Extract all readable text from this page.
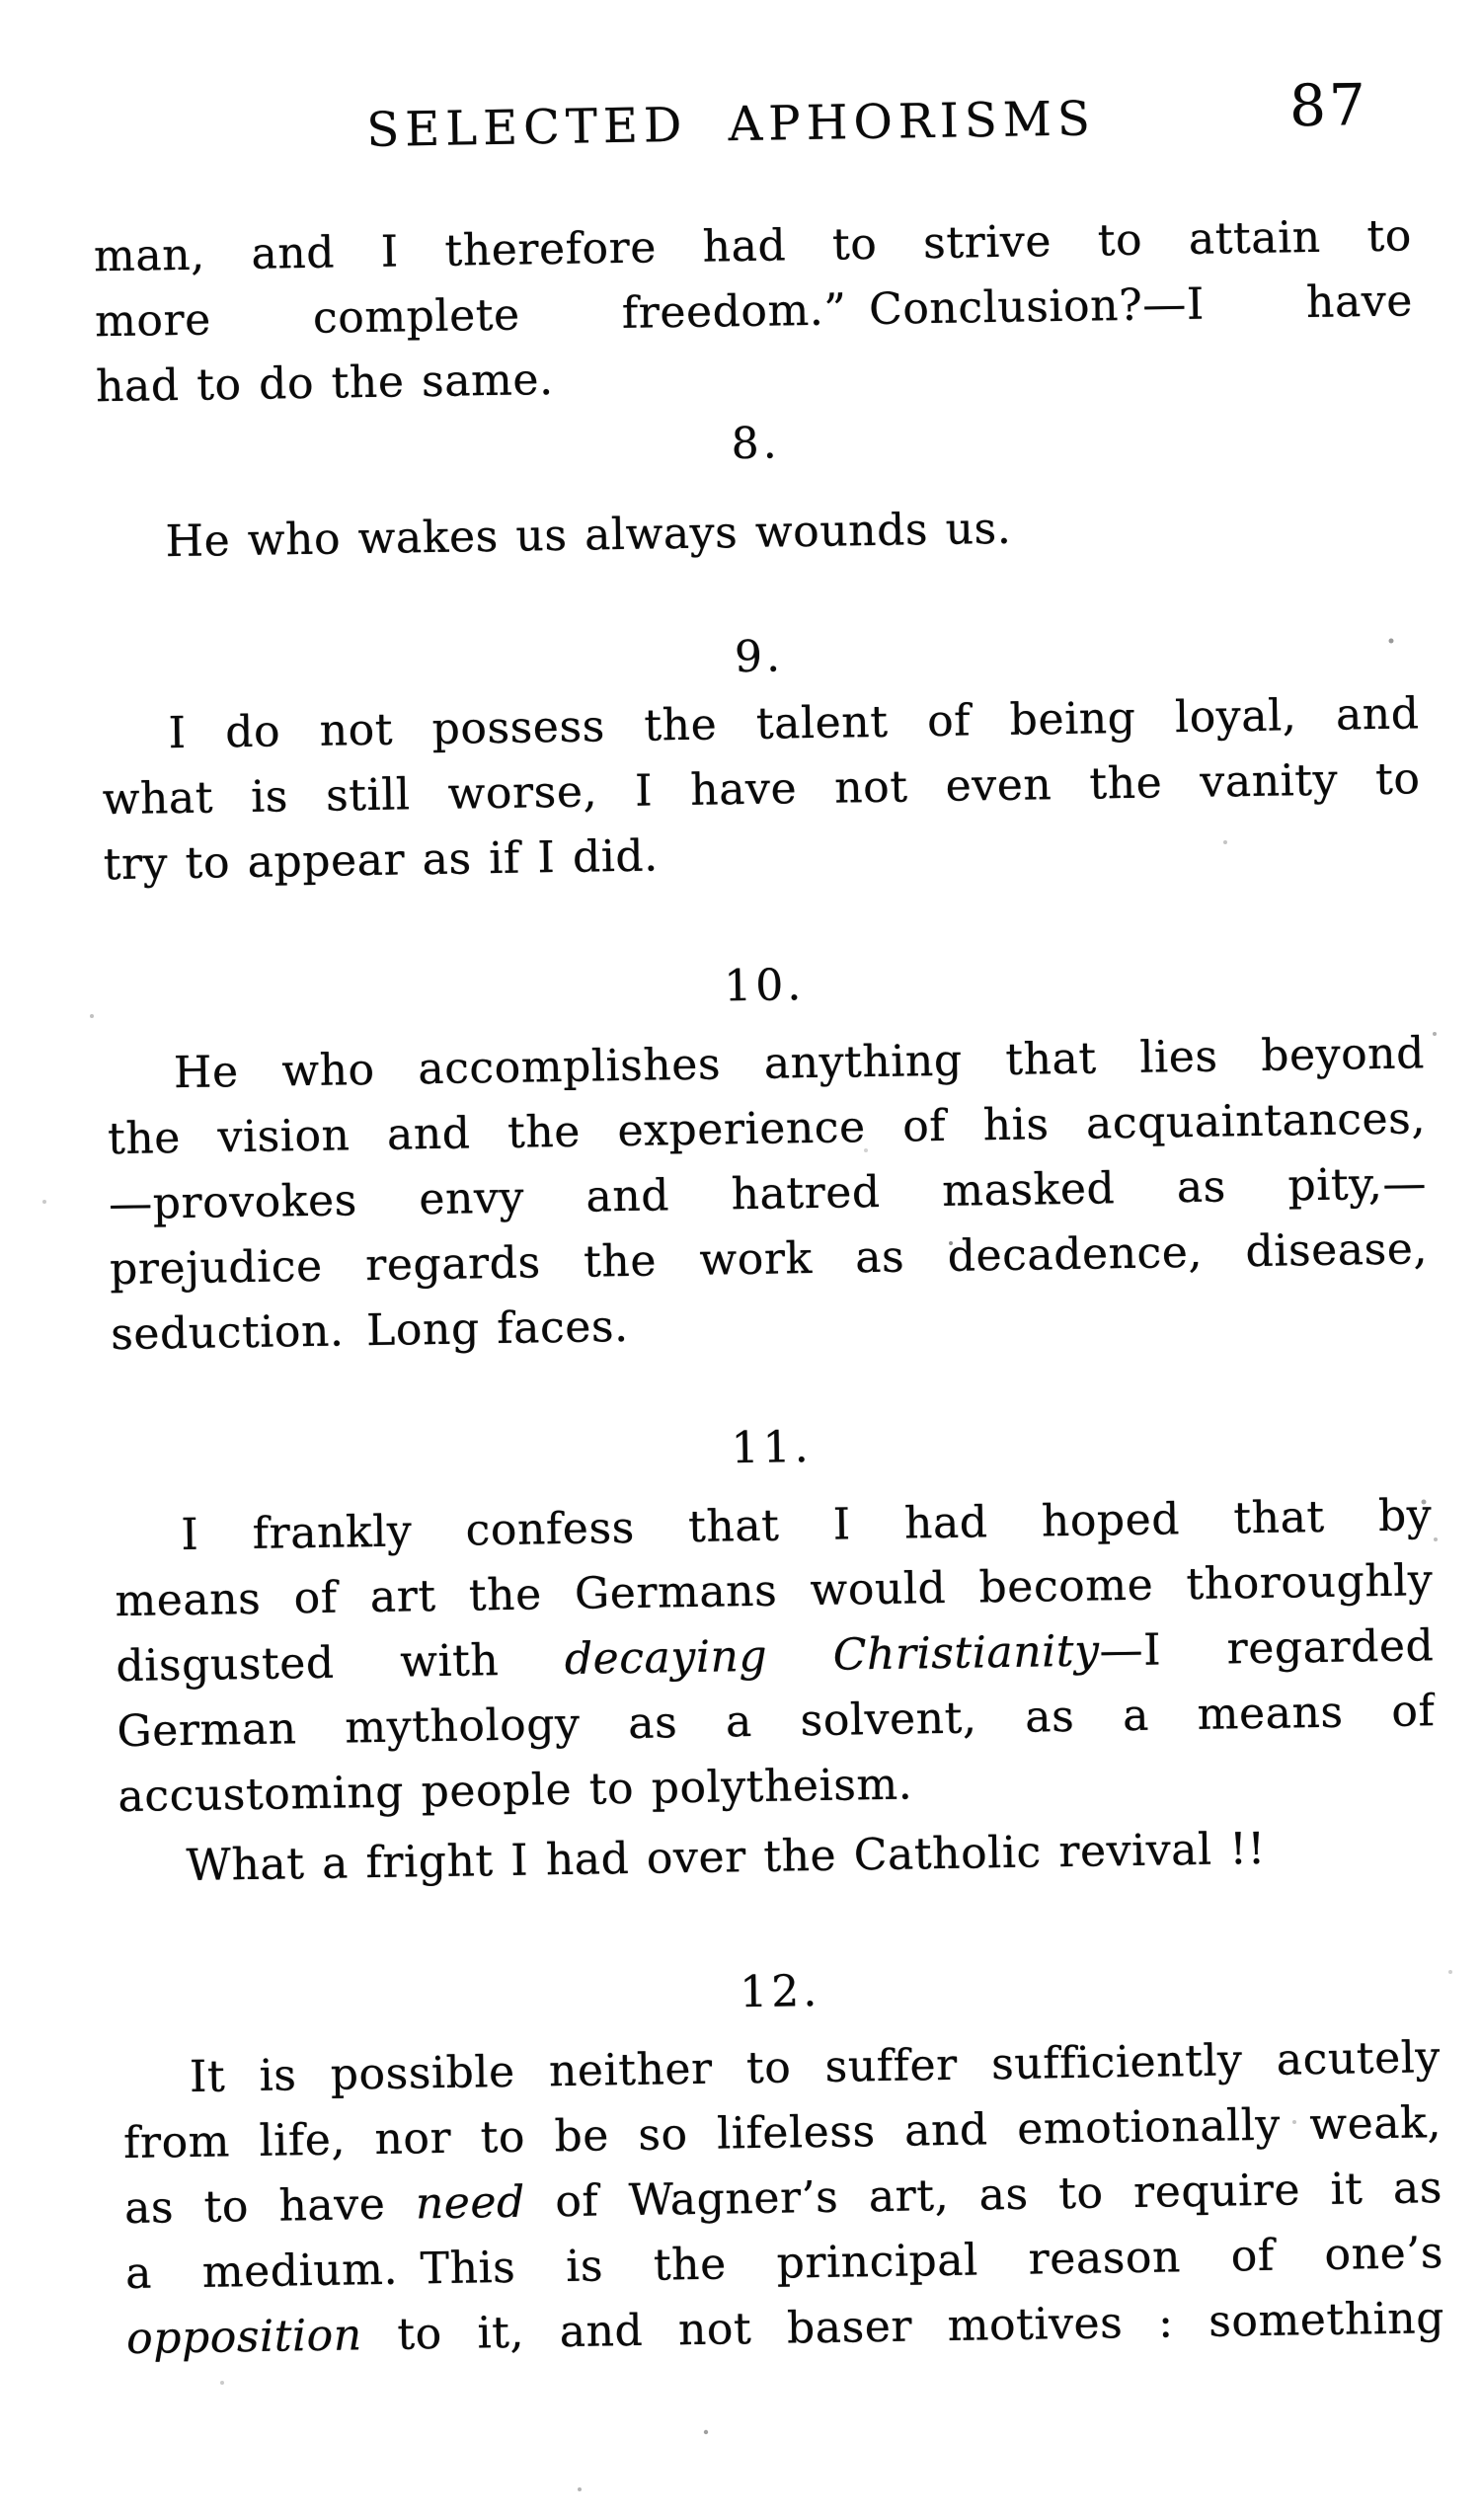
SELECTED APHORISMS	87
man, and I therefore had to strive to attain to
more complete freedom.” Conclusion?—I have
had to do the same.
8.
He who wakes us always wounds us.
9.
I do not possess the talent of being loyal, and
what is still worse, I have not even the vanity to
try to appear as if I did.
10.
He who accomplishes anything that lies beyond
the vision and the experience of his acquaintances,
—provokes envy and hatred masked as pity,—
prejudice regards the work as decadence, disease,
seduction. Long faces.
11.
I frankly confess that I had hoped that by
means of art the Germans would become thoroughly
disgusted with decaying Christianity—I regarded
German mythology as a solvent, as a means of
accustoming people to polytheism.
What a fright I had over the Catholic revival !!
12.
It is possible neither to suffer sufficiently acutely
from life, nor to be so lifeless and emotionally weak,
as to have need of Wagner’s art, as to require it as
a medium. This is the principal reason of one’s
opposition to it, and not baser motives : something
